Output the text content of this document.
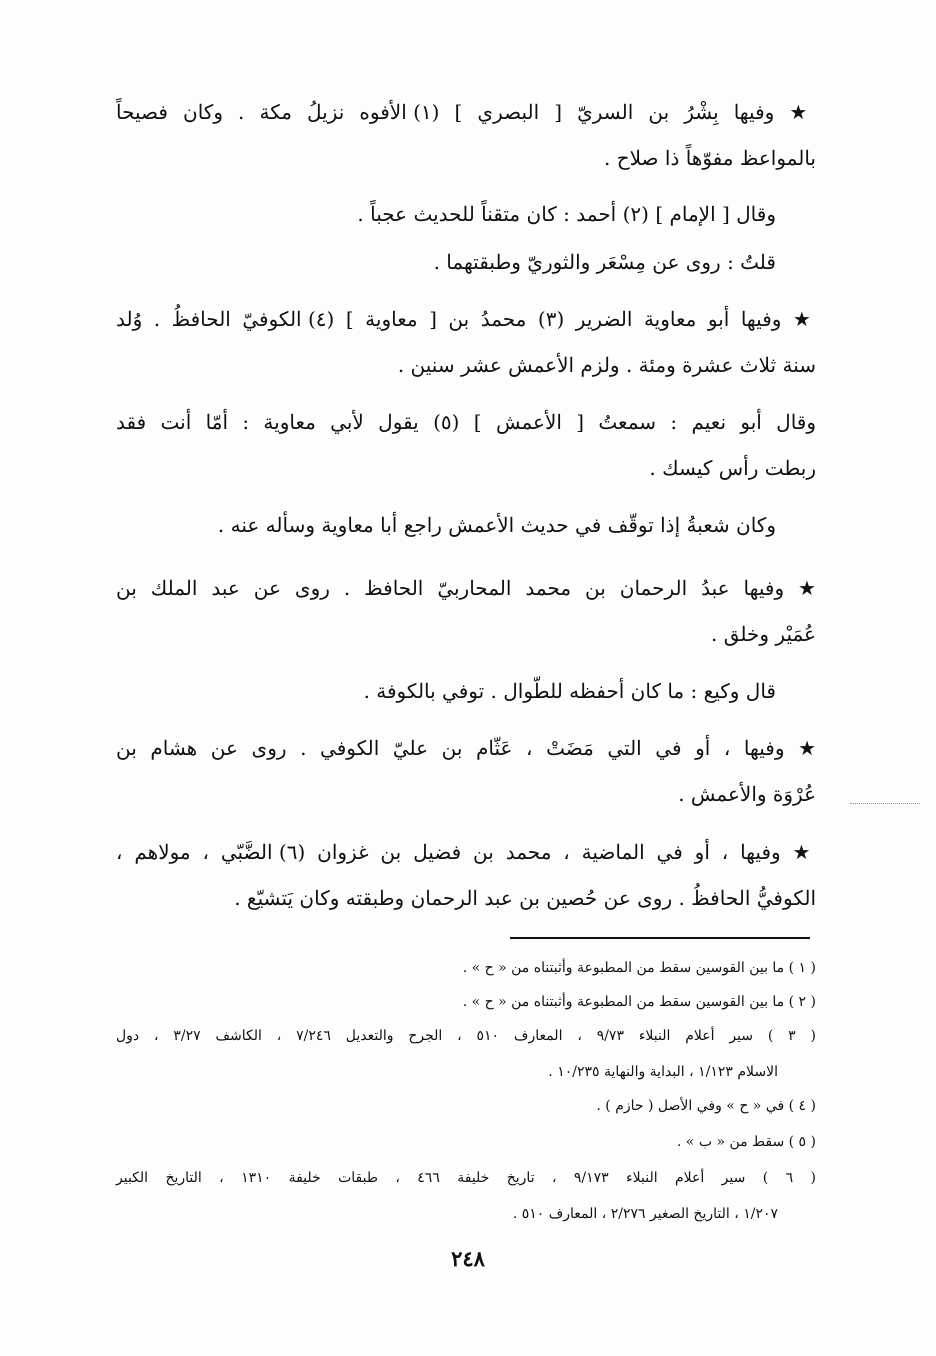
★ وفيها بِشْرُ بن السريّ [ البصري ] (١) الأفوه نزيلُ مكة . وكان فصيحاً
بالمواعظ مفوّهاً ذا صلاح .
وقال [ الإمام ] (٢) أحمد : كان متقناً للحديث عجباً .
قلتُ : روى عن مِسْعَر والثوريّ وطبقتهما .
★ وفيها أبو معاوية الضرير (٣) محمدُ بن [ معاوية ] (٤) الكوفيّ الحافظُ . وُلد
سنة ثلاث عشرة ومئة . ولزم الأعمش عشر سنين .
وقال أبو نعيم : سمعتُ [ الأعمش ] (٥) يقول لأبي معاوية : أمّا أنت فقد
ربطت رأس كيسك .
وكان شعبةُ إذا توقّف في حديث الأعمش راجع أبا معاوية وسأله عنه .
★ وفيها عبدُ الرحمان بن محمد المحاربيّ الحافظ . روى عن عبد الملك بن
عُمَيْر وخلق .
قال وكيع : ما كان أحفظه للطّوال . توفي بالكوفة .
★ وفيها ، أو في التي مَضَتْ ، عَثّام بن عليّ الكوفي . روى عن هشام بن
عُرْوَة والأعمش .
★ وفيها ، أو في الماضية ، محمد بن فضيل بن غزوان (٦) الضَّبّي ، مولاهم ،
الكوفيُّ الحافظُ . روى عن حُصين بن عبد الرحمان وطبقته وكان يَتشيّع .
( ١ ) ما بين القوسين سقط من المطبوعة وأثبتناه من « ح » .
( ٢ ) ما بين القوسين سقط من المطبوعة وأثبتناه من « ح » .
( ٣ ) سير أعلام النبلاء ٩/٧٣ ، المعارف ٥١٠ ، الجرح والتعديل ٧/٢٤٦ ، الكاشف ٣/٢٧ ، دول
الاسلام ١/١٢٣ ، البداية والنهاية ١٠/٢٣٥ .
( ٤ ) في « ح » وفي الأصل ( حازم ) .
( ٥ ) سقط من « ب » .
( ٦ ) سير أعلام النبلاء ٩/١٧٣ ، تاريخ خليفة ٤٦٦ ، طبقات خليفة ١٣١٠ ، التاريخ الكبير
١/٢٠٧ ، التاريخ الصغير ٢/٢٧٦ ، المعارف ٥١٠ .
٢٤٨
